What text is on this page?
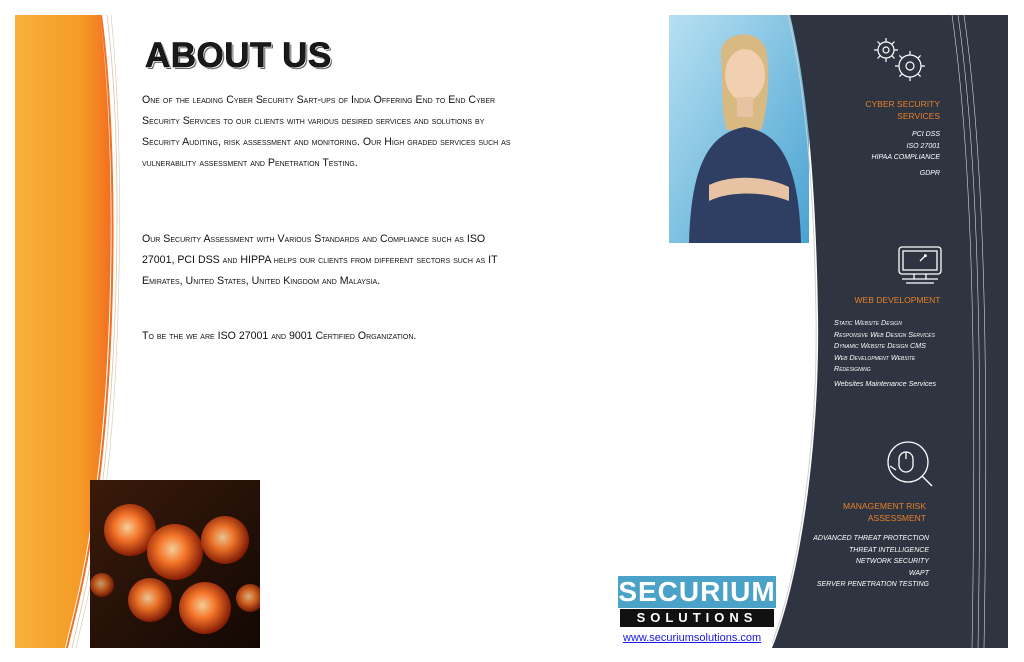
ABOUT US
One of the leading Cyber Security Sart-ups of India Offering End to End Cyber Security Services to our clients with various desired services and solutions by Security Auditing, risk assessment and monitoring. Our High graded services such as vulnerability assessment and Penetration Testing.
Our Security Assessment with Various Standards and Compliance such as ISO 27001, PCI DSS and HIPPA helps our clients from different sectors such as IT Emirates, United States, United Kingdom and Malaysia.
To be the we are ISO 27001 and 9001 Certified Organization.
CYBER SECURITY SERVICES
PCI DSS
ISO 27001
HIPAA COMPLIANCE
GDPR
WEB DEVELOPMENT
Static Website Design
Responsive Web Design Services
Dynamic Website Design CMS
Web Development Website Redesigning
Websites Maintenance Services
MANAGEMENT RISK ASSESSMENT
ADVANCED THREAT PROTECTION
THREAT INTELLIGENCE
NETWORK SECURITY
WAPT
SERVER PENETRATION TESTING
SECURIUM
SOLUTIONS
www.securiumsolutions.com
